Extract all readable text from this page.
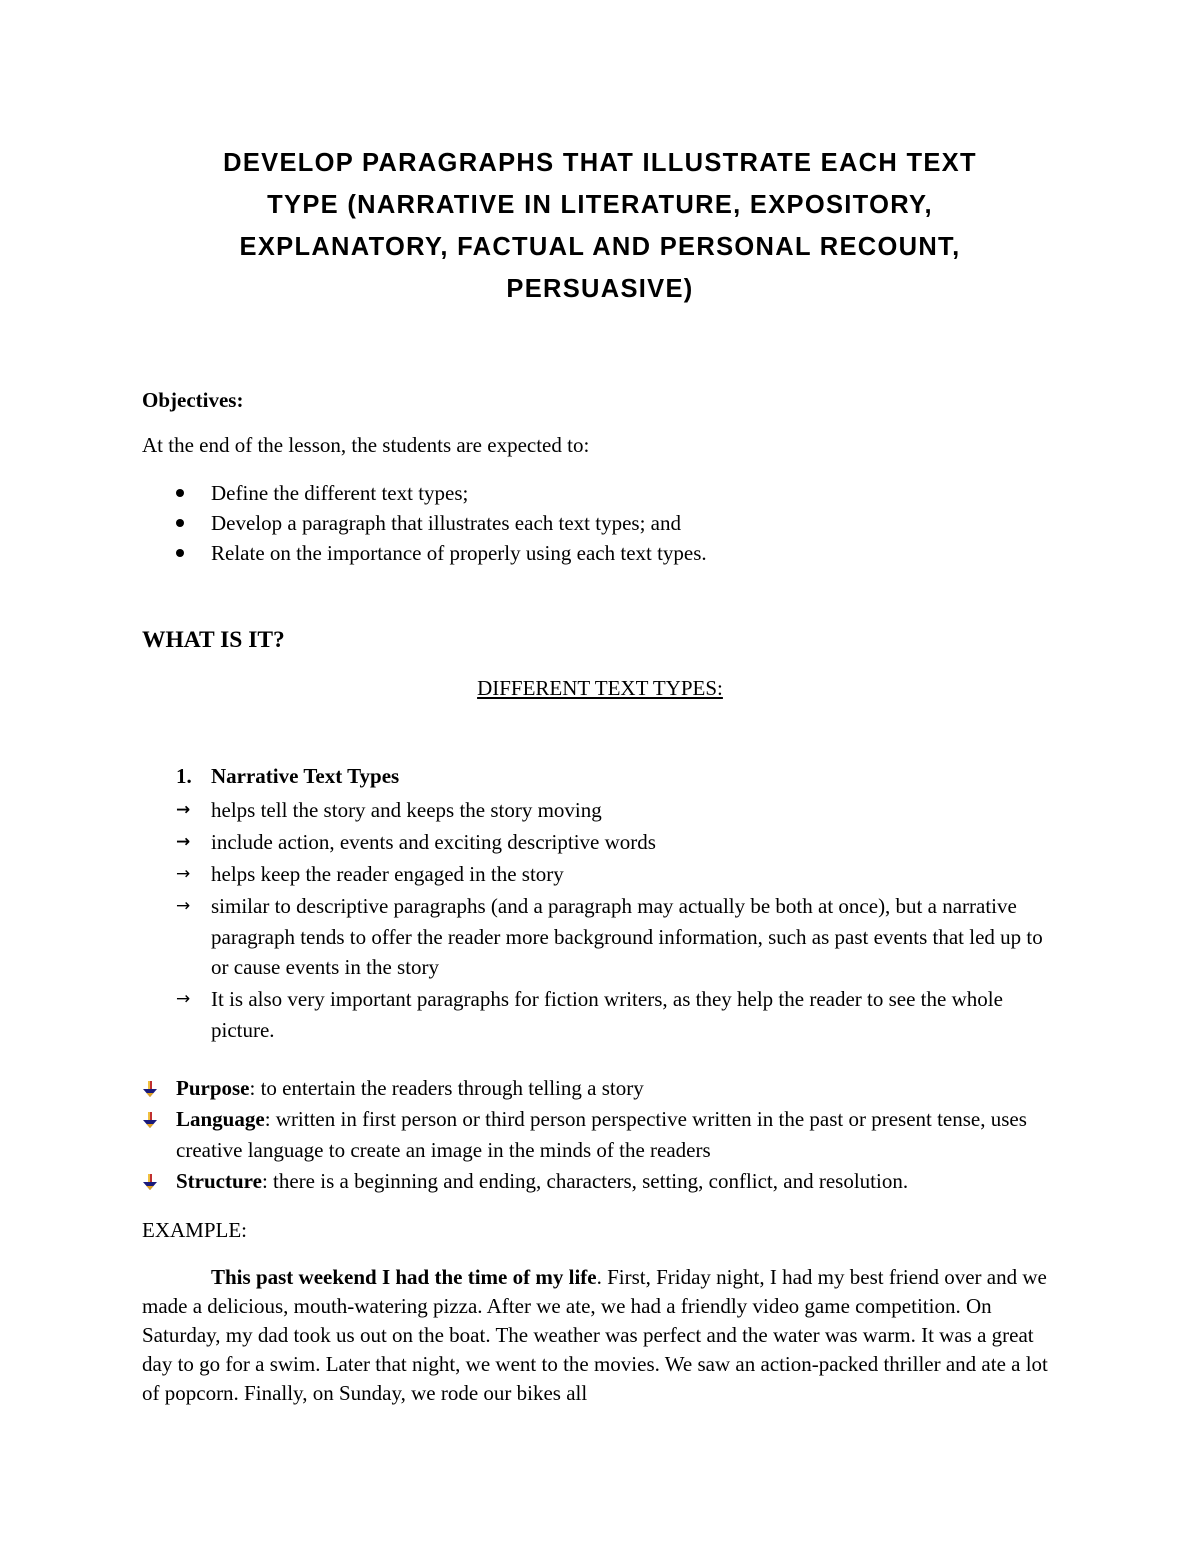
DEVELOP PARAGRAPHS THAT ILLUSTRATE EACH TEXT
TYPE (NARRATIVE IN LITERATURE, EXPOSITORY,
EXPLANATORY, FACTUAL AND PERSONAL RECOUNT,
PERSUASIVE)
Objectives:
At the end of the lesson, the students are expected to:
Define the different text types;
Develop a paragraph that illustrates each text types; and
Relate on the importance of properly using each text types.
WHAT IS IT?
DIFFERENT TEXT TYPES:
1. Narrative Text Types
→ helps tell the story and keeps the story moving
→ include action, events and exciting descriptive words
→ helps keep the reader engaged in the story
→ similar to descriptive paragraphs (and a paragraph may actually be both at once), but a narrative paragraph tends to offer the reader more background information, such as past events that led up to or cause events in the story
→ It is also very important paragraphs for fiction writers, as they help the reader to see the whole picture.
Purpose: to entertain the readers through telling a story
Language: written in first person or third person perspective written in the past or present tense, uses creative language to create an image in the minds of the readers
Structure: there is a beginning and ending, characters, setting, conflict, and resolution.
EXAMPLE:

This past weekend I had the time of my life. First, Friday night, I had my best friend over and we made a delicious, mouth-watering pizza. After we ate, we had a friendly video game competition. On Saturday, my dad took us out on the boat. The weather was perfect and the water was warm. It was a great day to go for a swim. Later that night, we went to the movies. We saw an action-packed thriller and ate a lot of popcorn. Finally, on Sunday, we rode our bikes all
